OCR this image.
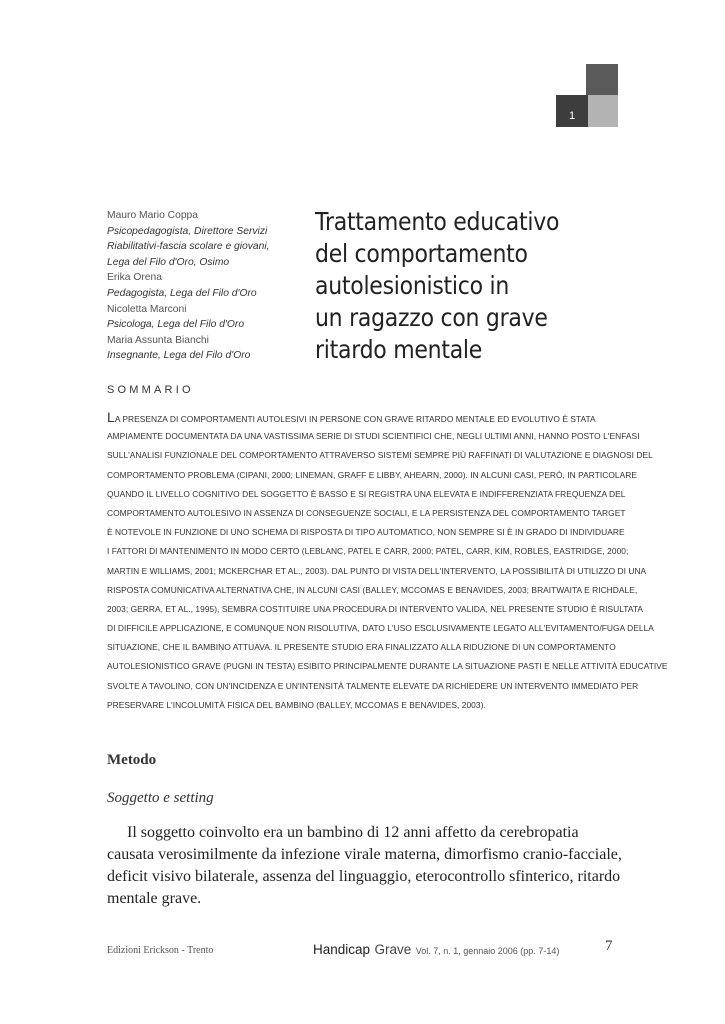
1
Mauro Mario Coppa
Psicopedagogista, Direttore Servizi
Riabilitativi-fascia scolare e giovani,
Lega del Filo d'Oro, Osimo
Erika Orena
Pedagogista, Lega del Filo d'Oro
Nicoletta Marconi
Psicologa, Lega del Filo d'Oro
Maria Assunta Bianchi
Insegnante, Lega del Filo d'Oro
Trattamento educativo
del comportamento
autolesionistico in
un ragazzo con grave
ritardo mentale
SOMMARIO
LA PRESENZA DI COMPORTAMENTI AUTOLESIVI IN PERSONE CON GRAVE RITARDO MENTALE ED EVOLUTIVO È STATA
AMPIAMENTE DOCUMENTATA DA UNA VASTISSIMA SERIE DI STUDI SCIENTIFICI CHE, NEGLI ULTIMI ANNI, HANNO POSTO L'ENFASI
SULL'ANALISI FUNZIONALE DEL COMPORTAMENTO ATTRAVERSO SISTEMI SEMPRE PIÙ RAFFINATI DI VALUTAZIONE E DIAGNOSI DEL
COMPORTAMENTO PROBLEMA (CIPANI, 2000; LINEMAN, GRAFF E LIBBY, AHEARN, 2000). IN ALCUNI CASI, PERÒ, IN PARTICOLARE
QUANDO IL LIVELLO COGNITIVO DEL SOGGETTO È BASSO E SI REGISTRA UNA ELEVATA E INDIFFERENZIATA FREQUENZA DEL
COMPORTAMENTO AUTOLESIVO IN ASSENZA DI CONSEGUENZE SOCIALI, E LA PERSISTENZA DEL COMPORTAMENTO TARGET
È NOTEVOLE IN FUNZIONE DI UNO SCHEMA DI RISPOSTA DI TIPO AUTOMATICO, NON SEMPRE SI È IN GRADO DI INDIVIDUARE
I FATTORI DI MANTENIMENTO IN MODO CERTO (LEBLANC, PATEL E CARR, 2000; PATEL, CARR, KIM, ROBLES, EASTRIDGE, 2000;
MARTIN E WILLIAMS, 2001; MCKERCHAR ET AL., 2003). DAL PUNTO DI VISTA DELL'INTERVENTO, LA POSSIBILITÀ DI UTILIZZO DI UNA
RISPOSTA COMUNICATIVA ALTERNATIVA CHE, IN ALCUNI CASI (BALLEY, MCCOMAS E BENAVIDES, 2003; BRAITWAITA E RICHDALE,
2003; GERRA, ET AL., 1995), SEMBRA COSTITUIRE UNA PROCEDURA DI INTERVENTO VALIDA, NEL PRESENTE STUDIO È RISULTATA
DI DIFFICILE APPLICAZIONE, E COMUNQUE NON RISOLUTIVA, DATO L'USO ESCLUSIVAMENTE LEGATO ALL'EVITAMENTO/FUGA DELLA
SITUAZIONE, CHE IL BAMBINO ATTUAVA. IL PRESENTE STUDIO ERA FINALIZZATO ALLA RIDUZIONE DI UN COMPORTAMENTO
AUTOLESIONISTICO GRAVE (PUGNI IN TESTA) ESIBITO PRINCIPALMENTE DURANTE LA SITUAZIONE PASTI E NELLE ATTIVITÀ EDUCATIVE
SVOLTE A TAVOLINO, CON UN'INCIDENZA E UN'INTENSITÀ TALMENTE ELEVATE DA RICHIEDERE UN INTERVENTO IMMEDIATO PER
PRESERVARE L'INCOLUMITÀ FISICA DEL BAMBINO (BALLEY, MCCOMAS E BENAVIDES, 2003).
Metodo
Soggetto e setting
Il soggetto coinvolto era un bambino di 12 anni affetto da cerebropatia
causata verosimilmente da infezione virale materna, dimorfismo cranio-facciale,
deficit visivo bilaterale, assenza del linguaggio, eterocontrollo sfinterico, ritardo
mentale grave.
Edizioni Erickson - Trento	Handicap Grave Vol. 7, n. 1, gennaio 2006 (pp. 7-14)	7
